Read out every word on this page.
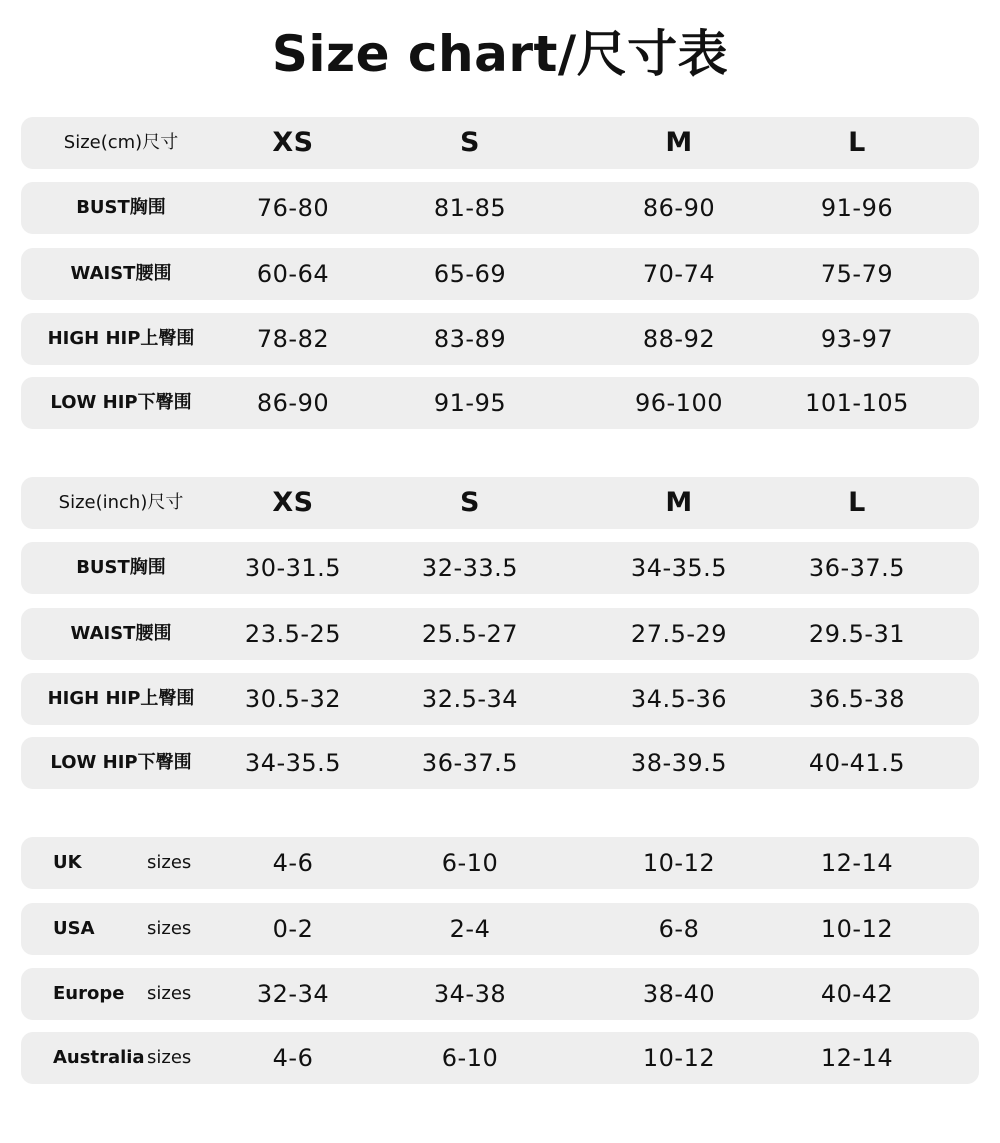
Size chart/尺寸表
Size(cm)尺寸	XS	S	M	L
BUST胸围	76-80	81-85	86-90	91-96
WAIST腰围	60-64	65-69	70-74	75-79
HIGH HIP上臀围	78-82	83-89	88-92	93-97
LOW HIP下臀围	86-90	91-95	96-100	101-105
Size(inch)尺寸	XS	S	M	L
BUST胸围	30-31.5	32-33.5	34-35.5	36-37.5
WAIST腰围	23.5-25	25.5-27	27.5-29	29.5-31
HIGH HIP上臀围	30.5-32	32.5-34	34.5-36	36.5-38
LOW HIP下臀围	34-35.5	36-37.5	38-39.5	40-41.5
UK	sizes	4-6	6-10	10-12	12-14
USA	sizes	0-2	2-4	6-8	10-12
Europe sizes	32-34	34-38	38-40	40-42
Australia sizes	4-6	6-10	10-12	12-14
